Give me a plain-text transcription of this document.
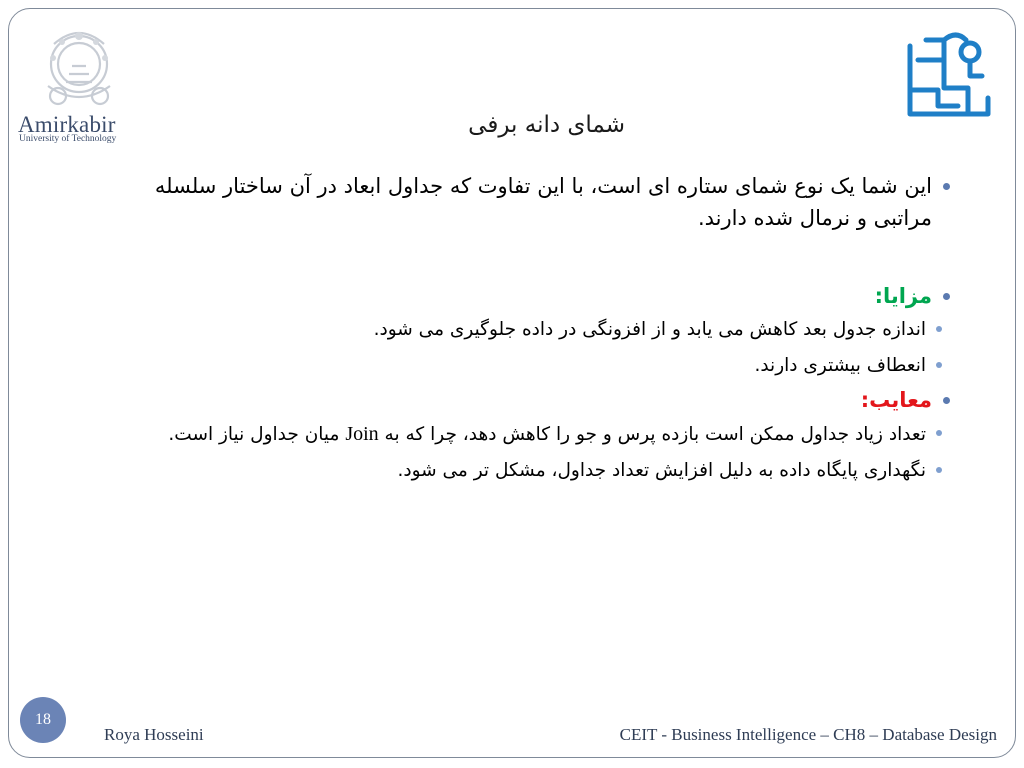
Amirkabir
University of Technology
شمای دانه برفی
این شما یک نوع شمای ستاره ای است، با این تفاوت که جداول ابعاد در آن ساختار سلسله مراتبی و نرمال شده دارند.
مزایا:
اندازه جدول بعد کاهش می یابد و از افزونگی در داده جلوگیری می شود.
انعطاف بیشتری دارند.
معایب:
تعداد زیاد جداول ممکن است بازده پرس و جو را کاهش دهد، چرا که به Join میان جداول نیاز است.
نگهداری پایگاه داده به دلیل افزایش تعداد جداول، مشکل تر می شود.
18
Roya Hosseini	CEIT - Business Intelligence – CH8 – Database Design
